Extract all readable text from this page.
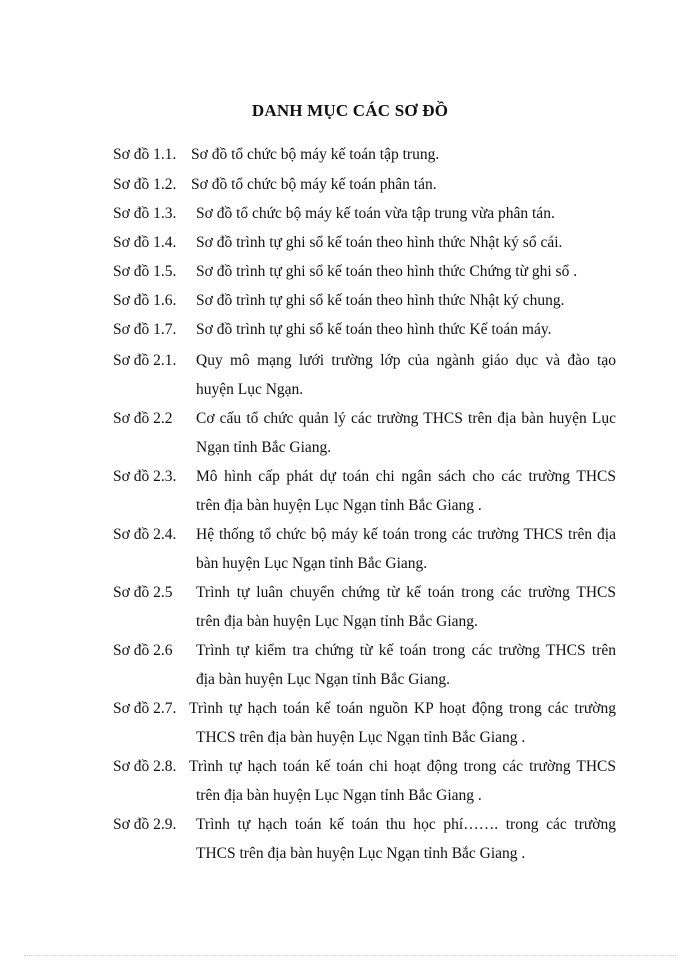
DANH MỤC CÁC SƠ ĐỒ
Sơ đồ 1.1. Sơ đồ tổ chức bộ máy kế toán tập trung.
Sơ đồ 1.2. Sơ đồ tổ chức bộ máy kế toán phân tán.
Sơ đồ 1.3. Sơ đồ tổ chức bộ máy kế toán vừa tập trung vừa phân tán.
Sơ đồ 1.4. Sơ đồ trình tự ghi sổ kế toán theo hình thức Nhật ký sổ cái.
Sơ đồ 1.5. Sơ đồ trình tự ghi sổ kế toán theo hình thức Chứng từ ghi sổ .
Sơ đồ 1.6. Sơ đồ trình tự ghi sổ kế toán theo hình thức Nhật ký chung.
Sơ đồ 1.7. Sơ đồ trình tự ghi sổ kế toán theo hình thức Kế toán máy.
Sơ đồ 2.1. Quy mô mạng lưới trường lớp của ngành giáo dục và đào tạo
huyện Lục Ngạn.
Sơ đồ 2.2 Cơ cấu tổ chức quản lý các trường THCS trên địa bàn huyện Lục
Ngạn tỉnh Bắc Giang.
Sơ đồ 2.3. Mô hình cấp phát dự toán chi ngân sách cho các trường THCS
trên địa bàn huyện Lục Ngạn tỉnh Bắc Giang .
Sơ đồ 2.4. Hệ thống tổ chức bộ máy kế toán trong các trường THCS trên địa
bàn huyện Lục Ngạn tỉnh Bắc Giang.
Sơ đồ 2.5 Trình tự luân chuyển chứng từ kế toán trong các trường THCS
trên địa bàn huyện Lục Ngạn tỉnh Bắc Giang.
Sơ đồ 2.6 Trình tự kiểm tra chứng từ kế toán trong các trường THCS trên
địa bàn huyện Lục Ngạn tỉnh Bắc Giang.
Sơ đồ 2.7. Trình tự hạch toán kế toán nguồn KP hoạt động trong các trường
THCS trên địa bàn huyện Lục Ngạn tỉnh Bắc Giang .
Sơ đồ 2.8. Trình tự hạch toán kế toán chi hoạt động trong các trường THCS
trên địa bàn huyện Lục Ngạn tỉnh Bắc Giang .
Sơ đồ 2.9. Trình tự hạch toán kế toán thu học phí……. trong các trường
THCS trên địa bàn huyện Lục Ngạn tỉnh Bắc Giang .
